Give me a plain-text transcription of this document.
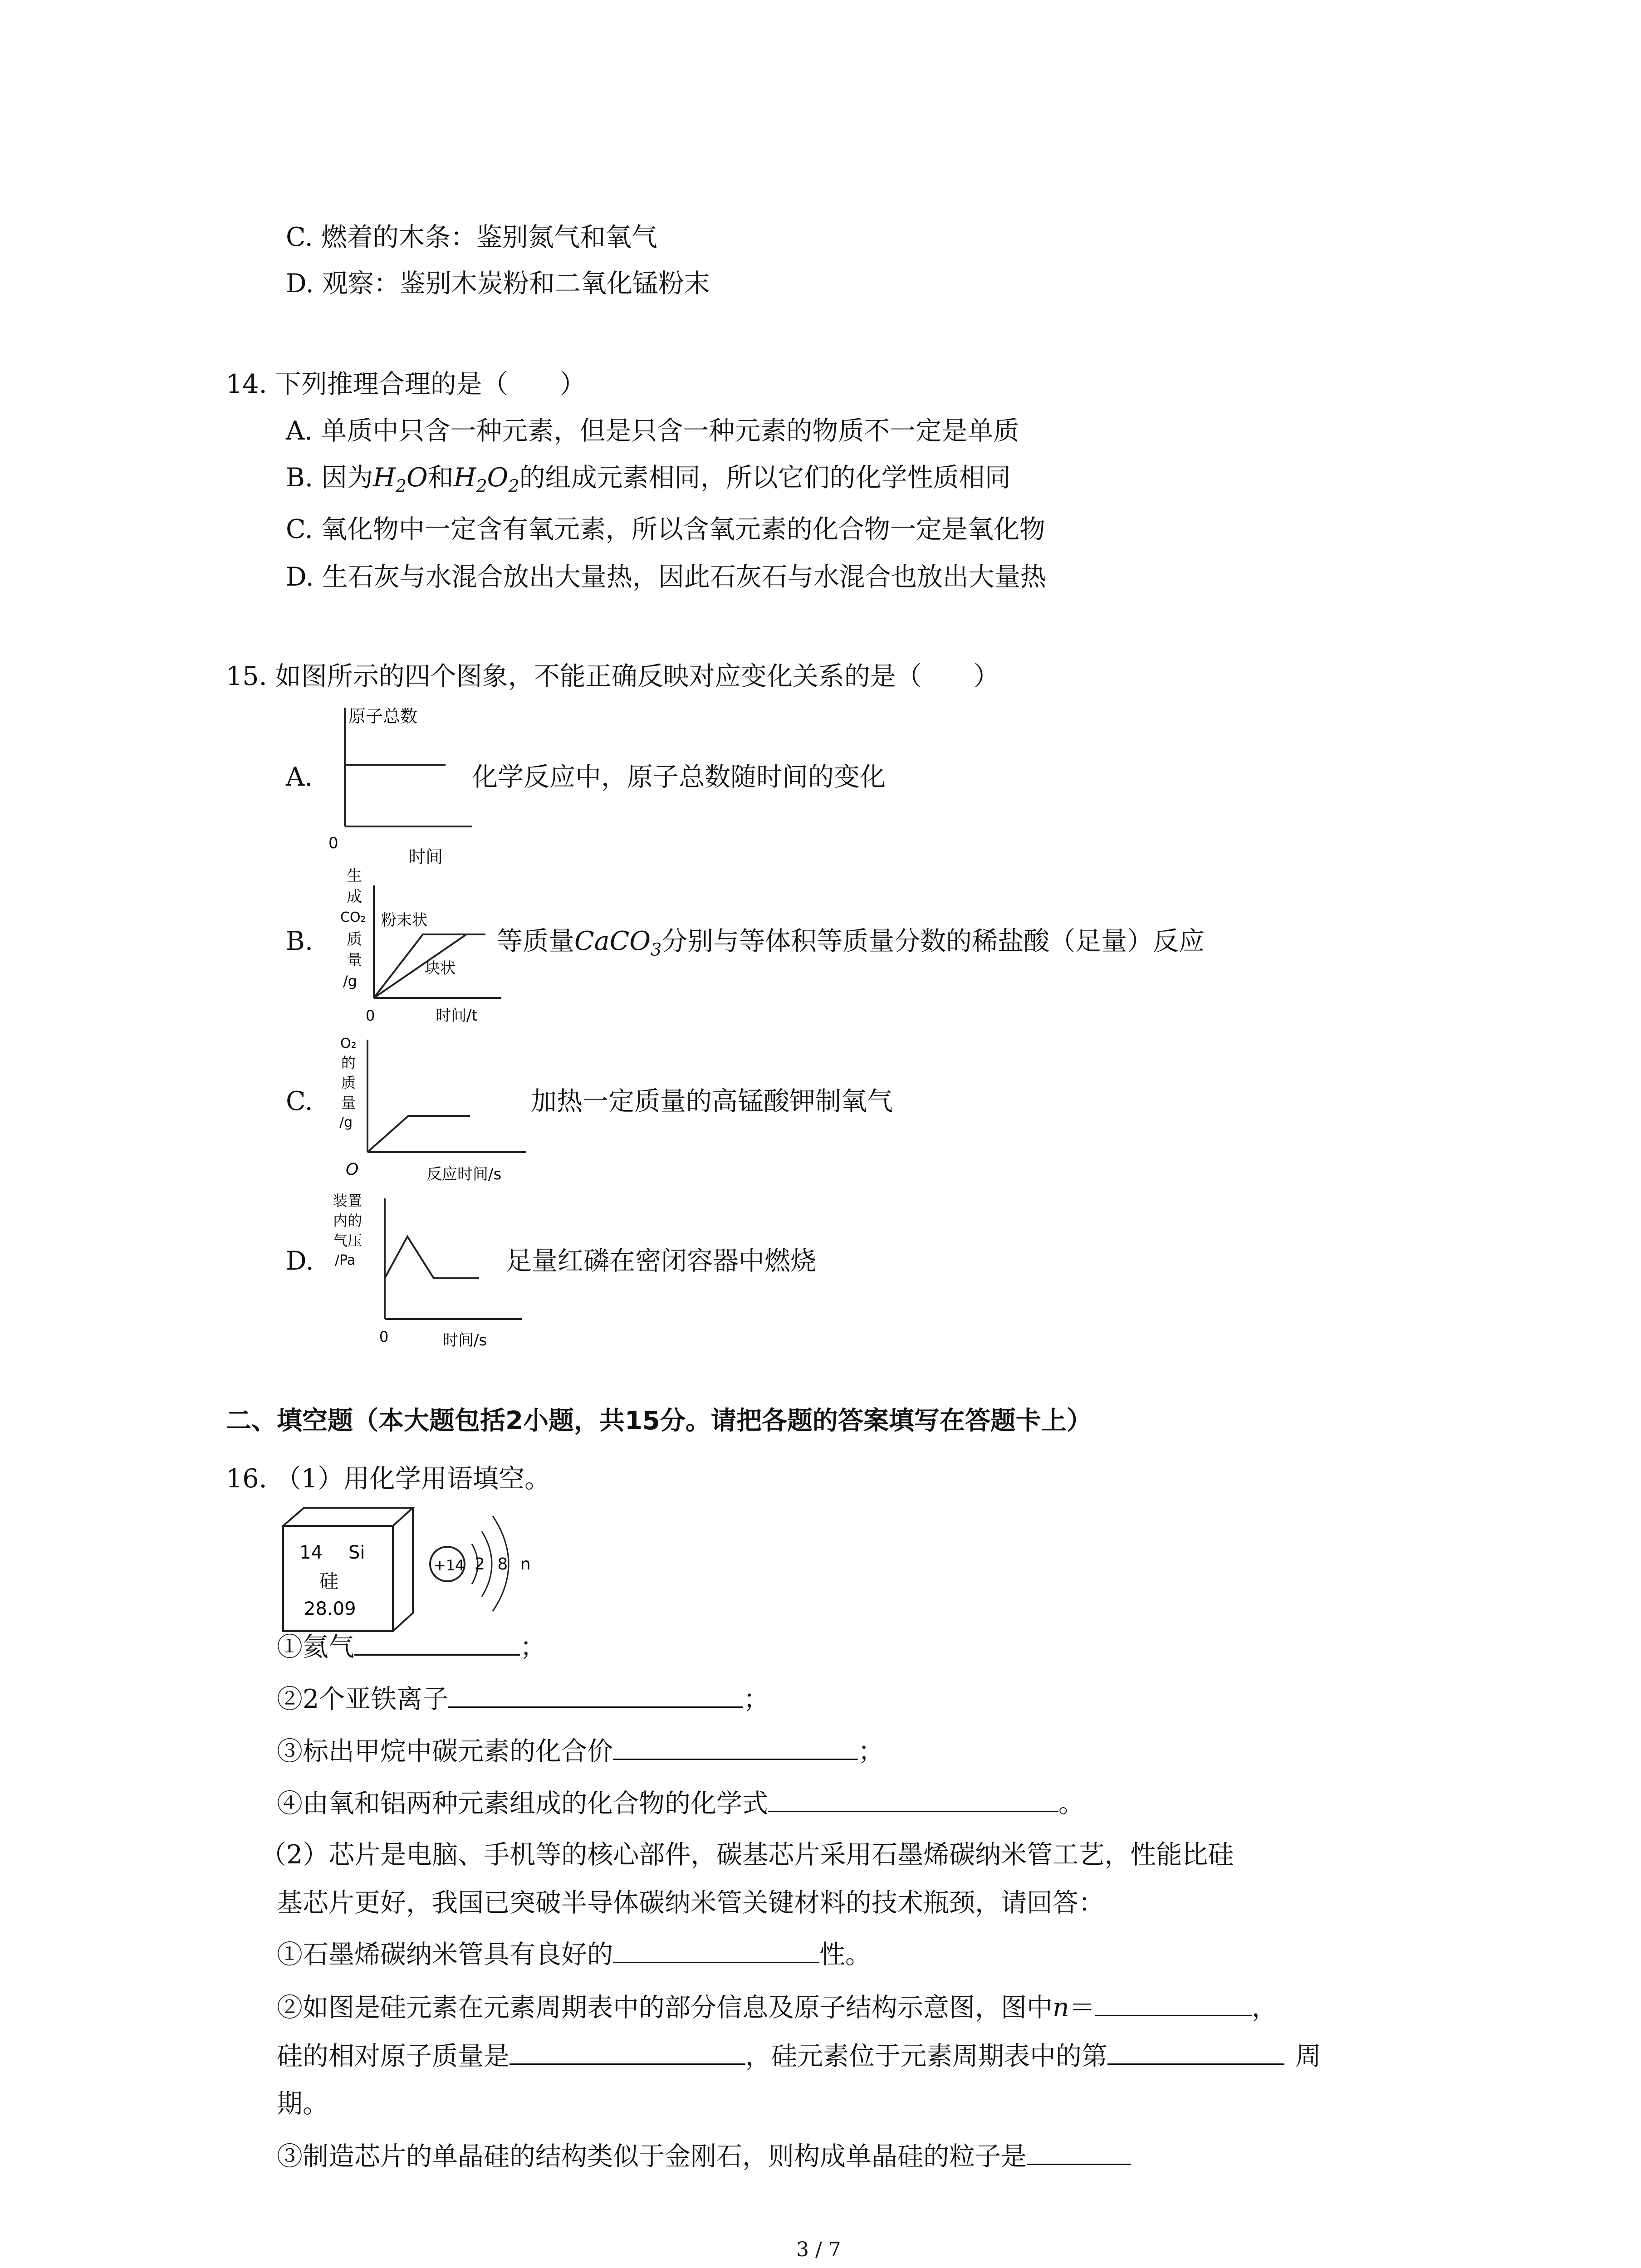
C. 燃着的木条：鉴别氮气和氧气
D. 观察：鉴别木炭粉和二氧化锰粉末
14. 下列推理合理的是（　　）
A. 单质中只含一种元素，但是只含一种元素的物质不一定是单质
B. 因为$H_2O$和$H_2O_2$的组成元素相同，所以它们的化学性质相同
C. 氧化物中一定含有氧元素，所以含氧元素的化合物一定是氧化物
D. 生石灰与水混合放出大量热，因此石灰石与水混合也放出大量热
15. 如图所示的四个图象，不能正确反映对应变化关系的是（　　）
A.
原子总数
0
时间
化学反应中，原子总数随时间的变化
B.
生
成
CO₂
质
量
/g
粉末状
块状
0	时间/t
等质量CaCO$_3$分别与等体积等质量分数的稀盐酸（足量）反应
C.
O₂
的
质
量
/g
O	反应时间/s
加热一定质量的高锰酸钾制氧气
D.
装置
内的
气压
/Pa
0	时间/s
足量红磷在密闭容器中燃烧
二、填空题（本大题包括2小题，共15分。请把各题的答案填写在答题卡上）
16. （1）用化学用语填空。
14 Si
硅
28.09
+14 2 8 n
①氦气	；
②2个亚铁离子	；
③标出甲烷中碳元素的化合价	；
④由氧和铝两种元素组成的化合物的化学式	。
（2）芯片是电脑、手机等的核心部件，碳基芯片采用石墨烯碳纳米管工艺，性能比硅
基芯片更好，我国已突破半导体碳纳米管关键材料的技术瓶颈，请回答：
①石墨烯碳纳米管具有良好的	性。
②如图是硅元素在元素周期表中的部分信息及原子结构示意图，图中n＝	，
硅的相对原子质量是	，硅元素位于元素周期表中的第	周
期。
③制造芯片的单晶硅的结构类似于金刚石，则构成单晶硅的粒子是
3 / 7
